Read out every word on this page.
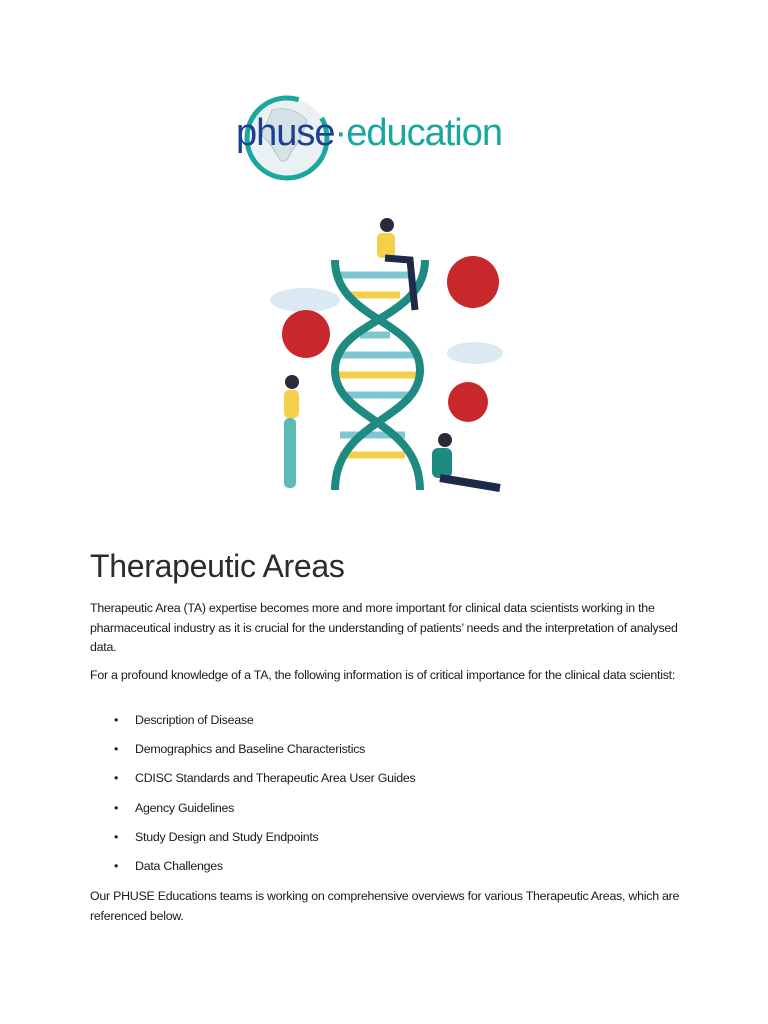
phuse·education
Therapeutic Areas
Therapeutic Area (TA) expertise becomes more and more important for clinical data scientists working in the pharmaceutical industry as it is crucial for the understanding of patients’ needs and the interpretation of analysed data.
For a profound knowledge of a TA, the following information is of critical importance for the clinical data scientist:
•	Description of Disease
•	Demographics and Baseline Characteristics
•	CDISC Standards and Therapeutic Area User Guides
•	Agency Guidelines
•	Study Design and Study Endpoints
•	Data Challenges
Our PHUSE Educations teams is working on comprehensive overviews for various Therapeutic Areas, which are referenced below.
